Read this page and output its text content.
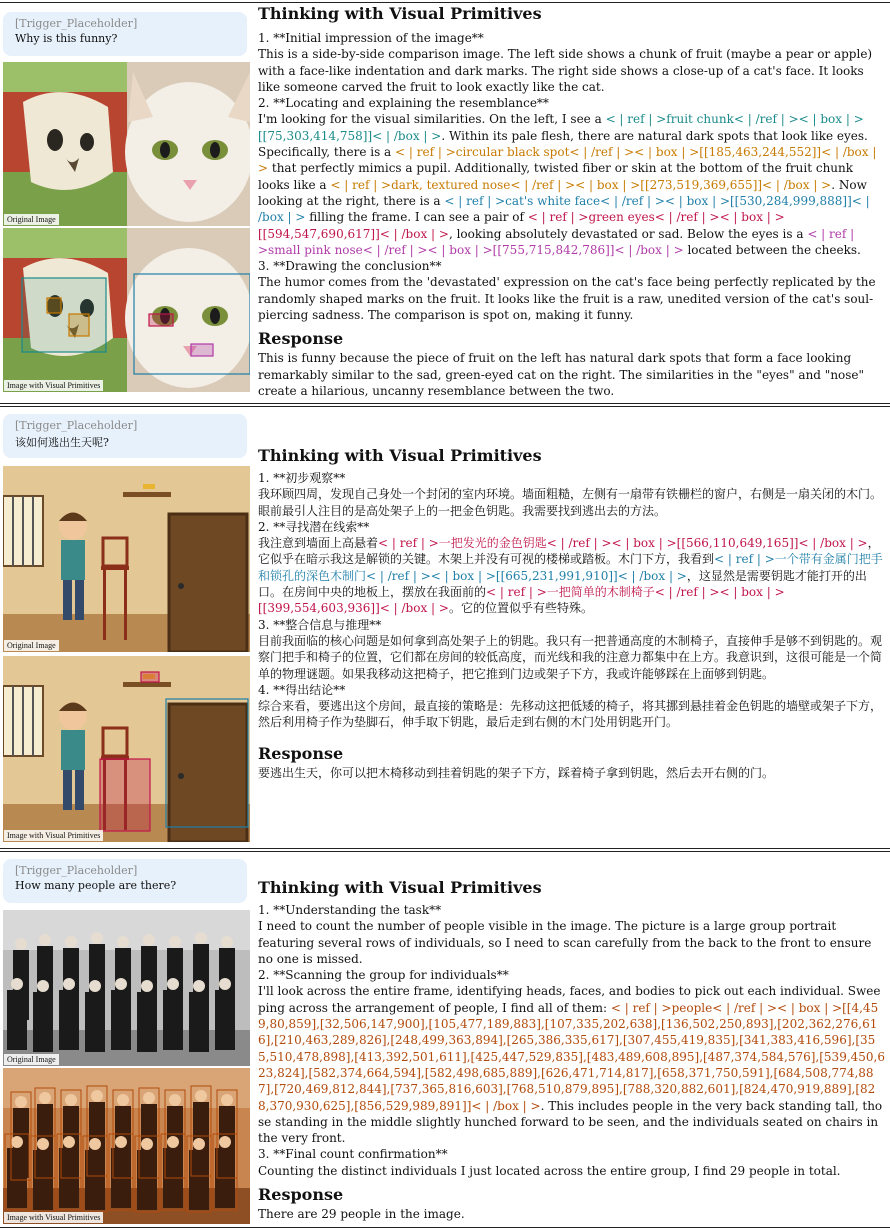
[Trigger_Placeholder]
Why is this funny?
Original Image
Image with Visual Primitives
Thinking with Visual Primitives

1. **Initial impression of the image**

This is a side-by-side comparison image. The left side shows a chunk of fruit (maybe a pear or apple) with a face-like indentation and dark marks. The right side shows a close-up of a cat's face. It looks like someone carved the fruit to look exactly like the cat.

2. **Locating and explaining the resemblance**

I'm looking for the visual similarities. On the left, I see a < | ref | >fruit chunk< | /ref | >< | box | >[[75,303,414,758]]< | /box | >. Within its pale flesh, there are natural dark spots that look like eyes. Specifically, there is a < | ref | >circular black spot< | /ref | >< | box | >[[185,463,244,552]]< | /box | > that perfectly mimics a pupil. Additionally, twisted fiber or skin at the bottom of the fruit chunk looks like a < | ref | >dark, textured nose< | /ref | >< | box | >[[273,519,369,655]]< | /box | >. Now looking at the right, there is a < | ref | >cat's white face< | /ref | >< | box | >[[530,284,999,888]]< | /box | > filling the frame. I can see a pair of < | ref | >green eyes< | /ref | >< | box | >[[594,547,690,617]]< | /box | >, looking absolutely devastated or sad. Below the eyes is a < | ref | >small pink nose< | /ref | >< | box | >[[755,715,842,786]]< | /box | > located between the cheeks.

3. **Drawing the conclusion**

The humor comes from the 'devastated' expression on the cat's face being perfectly replicated by the randomly shaped marks on the fruit. It looks like the fruit is a raw, unedited version of the cat's soul-piercing sadness. The comparison is spot on, making it funny.

Response

This is funny because the piece of fruit on the left has natural dark spots that form a face looking remarkably similar to the sad, green-eyed cat on the right. The similarities in the "eyes" and "nose" create a hilarious, uncanny resemblance between the two.

[Trigger_Placeholder]
该如何逃出生天呢?
Original Image
Image with Visual Primitives
Thinking with Visual Primitives

1. **初步观察**

我环顾四周，发现自己身处一个封闭的室内环境。墙面粗糙，左侧有一扇带有铁栅栏的窗户，右侧是一扇关闭的木门。眼前最引人注目的是高处架子上的一把金色钥匙。我需要找到逃出去的方法。

2. **寻找潜在线索**

我注意到墙面上高悬着< | ref | >一把发光的金色钥匙< | /ref | >< | box | >[[566,110,649,165]]< | /box | >，它似乎在暗示我这是解锁的关键。木架上并没有可视的楼梯或踏板。木门下方，我看到< | ref | >一个带有金属门把手和锁孔的深色木制门< | /ref | >< | box | >[[665,231,991,910]]< | /box | >，这显然是需要钥匙才能打开的出口。在房间中央的地板上，摆放在我面前的< | ref | >一把简单的木制椅子< | /ref | >< | box | >[[399,554,603,936]]< | /box | >。它的位置似乎有些特殊。

3. **整合信息与推理**

目前我面临的核心问题是如何拿到高处架子上的钥匙。我只有一把普通高度的木制椅子，直接伸手是够不到钥匙的。观察门把手和椅子的位置，它们都在房间的较低高度，而光线和我的注意力都集中在上方。我意识到，这很可能是一个简单的物理谜题。如果我移动这把椅子，把它推到门边或架子下方，我或许能够踩在上面够到钥匙。

4. **得出结论**

综合来看，要逃出这个房间，最直接的策略是：先移动这把低矮的椅子，将其挪到悬挂着金色钥匙的墙壁或架子下方，然后利用椅子作为垫脚石，伸手取下钥匙，最后走到右侧的木门处用钥匙开门。

Response

要逃出生天，你可以把木椅移动到挂着钥匙的架子下方，踩着椅子拿到钥匙，然后去开右侧的门。

[Trigger_Placeholder]
How many people are there?
Original Image
Image with Visual Primitives
Thinking with Visual Primitives

1. **Understanding the task**

I need to count the number of people visible in the image. The picture is a large group portrait featuring several rows of individuals, so I need to scan carefully from the back to the front to ensure no one is missed.

2. **Scanning the group for individuals**

I'll look across the entire frame, identifying heads, faces, and bodies to pick out each individual. Sweeping across the arrangement of people, I find all of them: < | ref | >people< | /ref | >< | box | >[[4,459,80,859],[32,506,147,900],[105,477,189,883],[107,335,202,638],[136,502,250,893],[202,362,276,616],[210,463,289,826],[248,499,363,894],[265,386,335,617],[307,455,419,835],[341,383,416,596],[355,510,478,898],[413,392,501,611],[425,447,529,835],[483,489,608,895],[487,374,584,576],[539,450,623,824],[582,374,664,594],[582,498,685,889],[626,471,714,817],[658,371,750,591],[684,508,774,887],[720,469,812,844],[737,365,816,603],[768,510,879,895],[788,320,882,601],[824,470,919,889],[828,370,930,625],[856,529,989,891]]< | /box | >. This includes people in the very back standing tall, those standing in the middle slightly hunched forward to be seen, and the individuals seated on chairs in the very front.

3. **Final count confirmation**

Counting the distinct individuals I just located across the entire group, I find 29 people in total.

Response

There are 29 people in the image.
